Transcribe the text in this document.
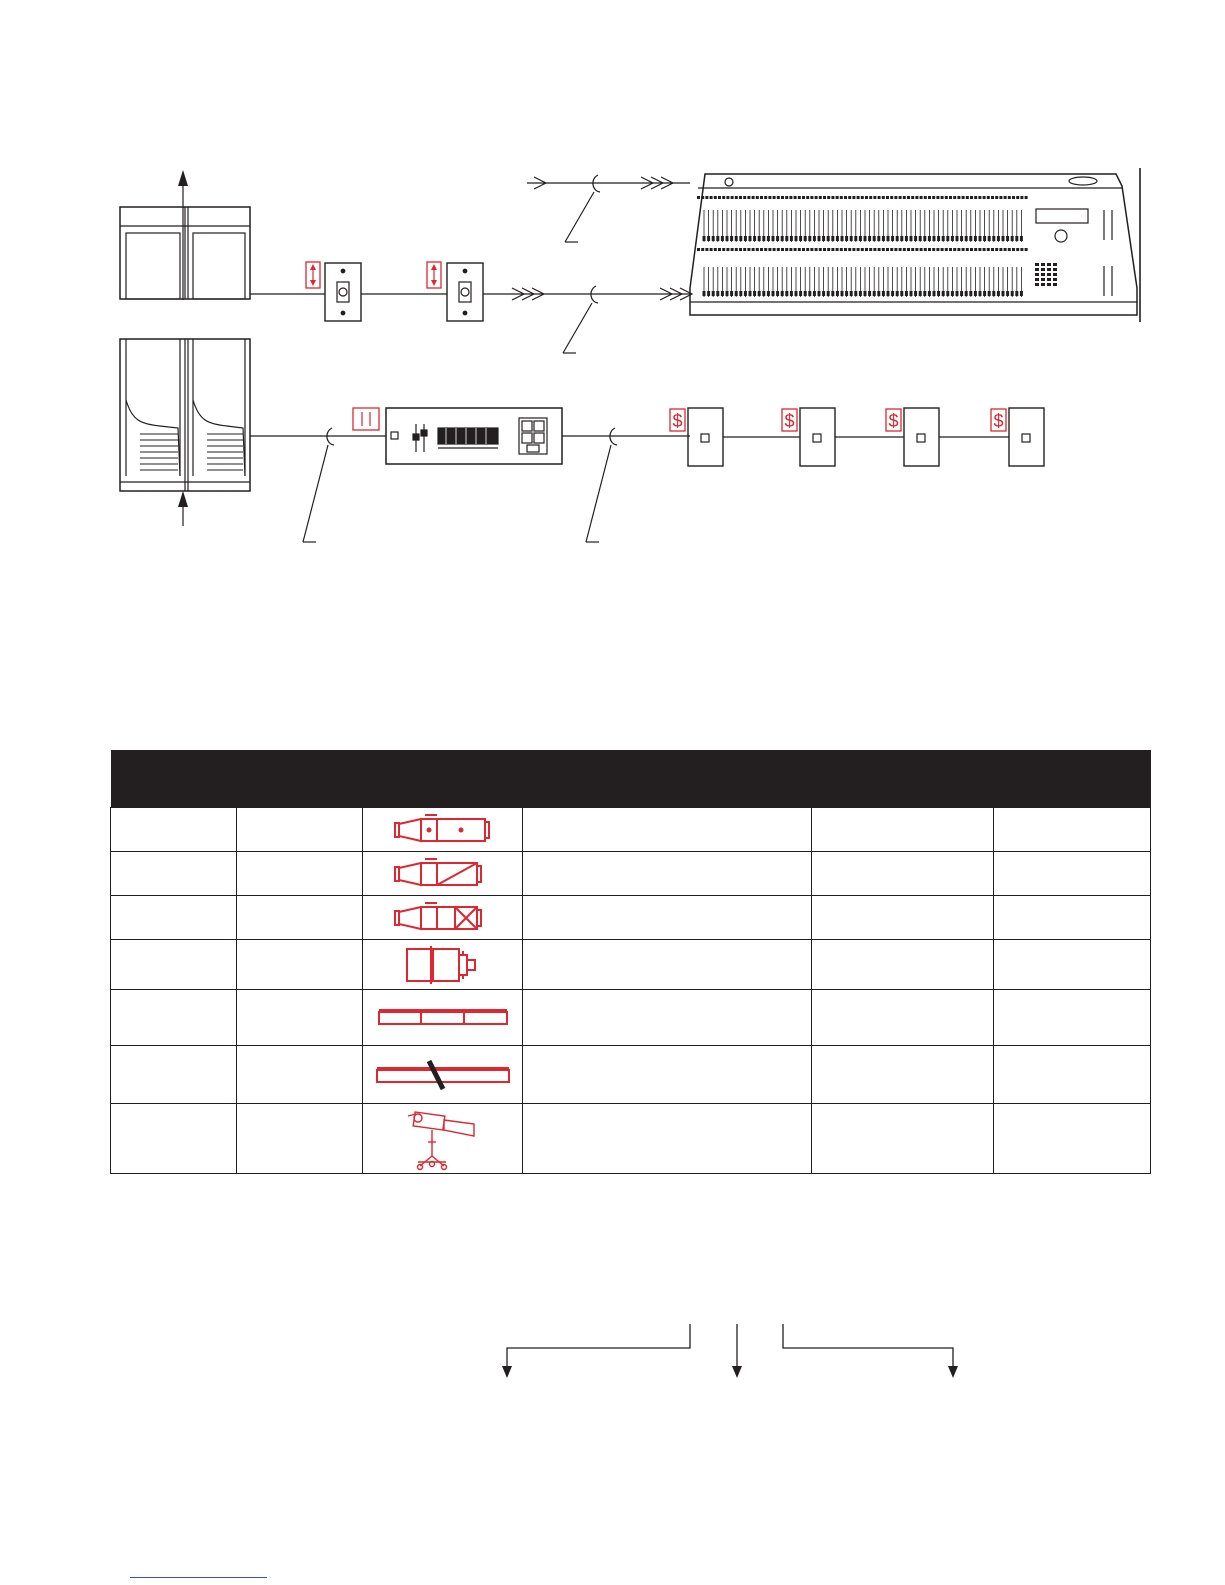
$	$	$	$
